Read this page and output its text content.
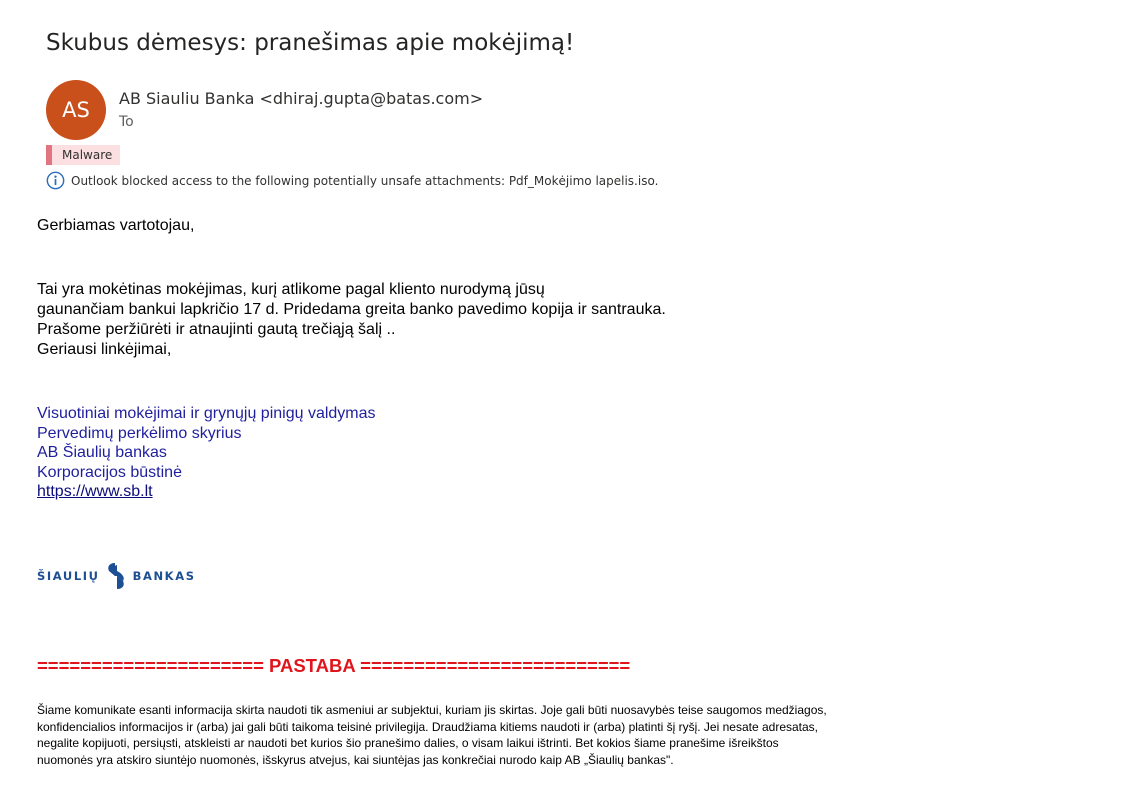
Skubus dėmesys: pranešimas apie mokėjimą!
AS AB Siauliu Banka <dhiraj.gupta@batas.com>
To
Malware
Outlook blocked access to the following potentially unsafe attachments: Pdf_Mokėjimo lapelis.iso.
Gerbiamas vartotojau,
Tai yra mokėtinas mokėjimas, kurį atlikome pagal kliento nurodymą jūsų
gaunančiam bankui lapkričio 17 d. Pridedama greita banko pavedimo kopija ir santrauka.
Prašome peržiūrėti ir atnaujinti gautą trečiąją šalį ..
Geriausi linkėjimai,
Visuotiniai mokėjimai ir grynųjų pinigų valdymas
Pervedimų perkėlimo skyrius
AB Šiaulių bankas
Korporacijos būstinė
https://www.sb.lt
ŠIAULIŲ	BANKAS
===================== PASTABA =========================
Šiame komunikate esanti informacija skirta naudoti tik asmeniui ar subjektui, kuriam jis skirtas. Joje gali būti nuosavybės teise saugomos medžiagos,
konfidencialios informacijos ir (arba) jai gali būti taikoma teisinė privilegija. Draudžiama kitiems naudoti ir (arba) platinti šį ryšį. Jei nesate adresatas,
negalite kopijuoti, persiųsti, atskleisti ar naudoti bet kurios šio pranešimo dalies, o visam laikui ištrinti. Bet kokios šiame pranešime išreikštos
nuomonės yra atskiro siuntėjo nuomonės, išskyrus atvejus, kai siuntėjas jas konkrečiai nurodo kaip AB „Šiaulių bankas".
